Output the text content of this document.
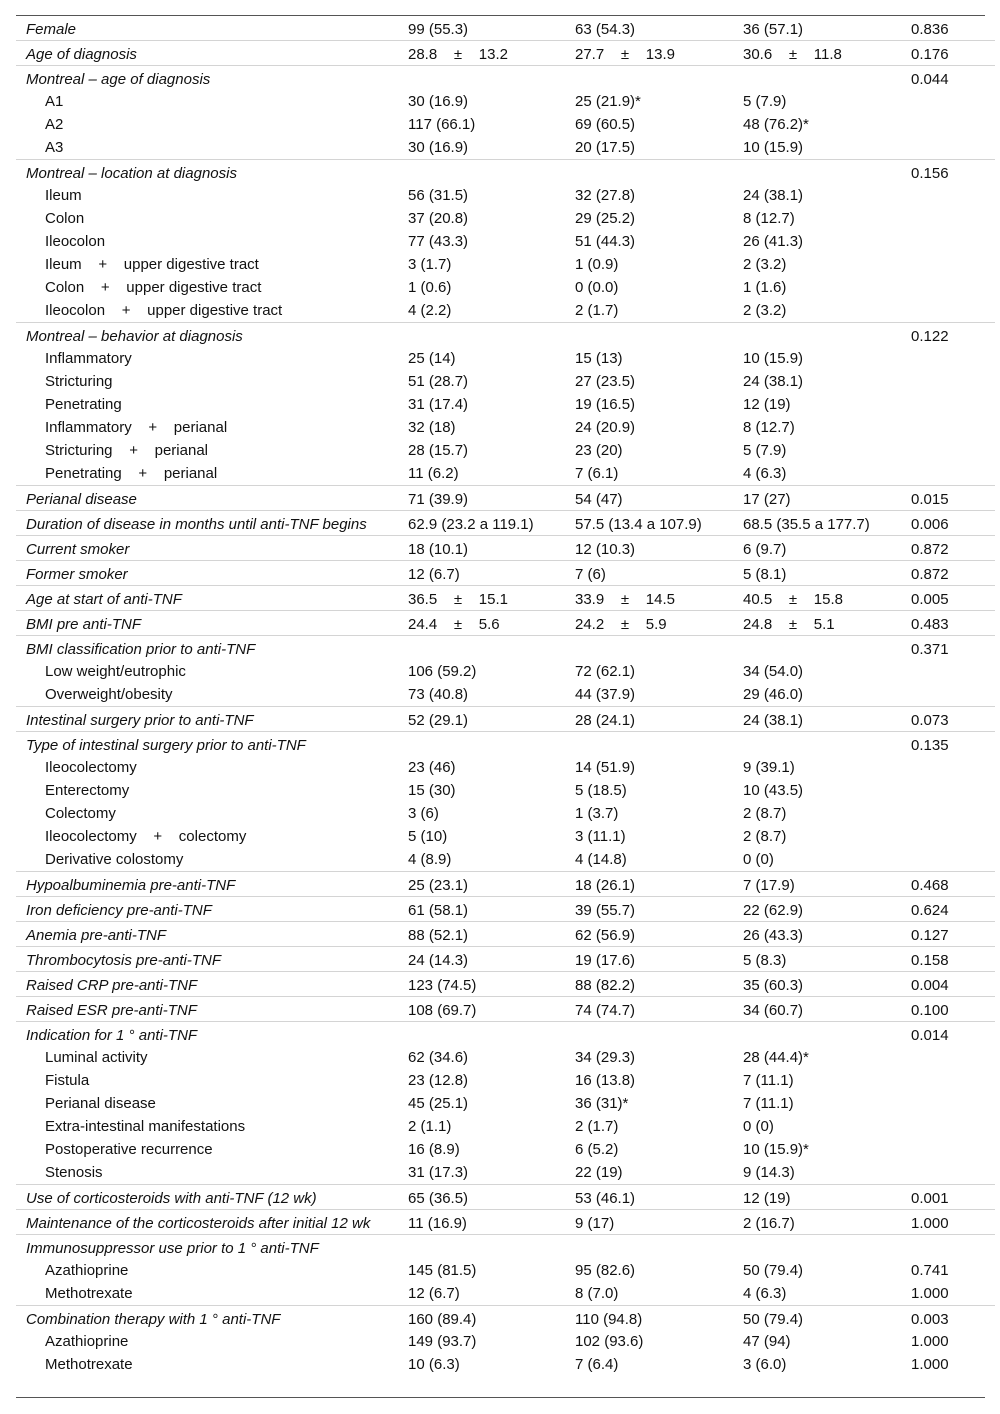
Female	99 (55.3)	63 (54.3)	36 (57.1)	0.836
Age of diagnosis	28.8    ±    13.2	27.7    ±    13.9	30.6    ±    11.8	0.176
Montreal – age of diagnosis				0.044
A1	30 (16.9)	25 (21.9)*	5 (7.9)	
A2	117 (66.1)	69 (60.5)	48 (76.2)*	
A3	30 (16.9)	20 (17.5)	10 (15.9)	
Montreal – location at diagnosis				0.156
Ileum	56 (31.5)	32 (27.8)	24 (38.1)	
Colon	37 (20.8)	29 (25.2)	8 (12.7)	
Ileocolon	77 (43.3)	51 (44.3)	26 (41.3)	
Ileum    +    upper digestive tract	3 (1.7)	1 (0.9)	2 (3.2)	
Colon    +    upper digestive tract	1 (0.6)	0 (0.0)	1 (1.6)	
Ileocolon    +    upper digestive tract	4 (2.2)	2 (1.7)	2 (3.2)	
Montreal – behavior at diagnosis				0.122
Inflammatory	25 (14)	15 (13)	10 (15.9)	
Stricturing	51 (28.7)	27 (23.5)	24 (38.1)	
Penetrating	31 (17.4)	19 (16.5)	12 (19)	
Inflammatory    +    perianal	32 (18)	24 (20.9)	8 (12.7)	
Stricturing    +    perianal	28 (15.7)	23 (20)	5 (7.9)	
Penetrating    +    perianal	11 (6.2)	7 (6.1)	4 (6.3)	
Perianal disease	71 (39.9)	54 (47)	17 (27)	0.015
Duration of disease in months until anti-TNF begins	62.9 (23.2 a 119.1)	57.5 (13.4 a 107.9)	68.5 (35.5 a 177.7)	0.006
Current smoker	18 (10.1)	12 (10.3)	6 (9.7)	0.872
Former smoker	12 (6.7)	7 (6)	5 (8.1)	0.872
Age at start of anti-TNF	36.5    ±    15.1	33.9    ±    14.5	40.5    ±    15.8	0.005
BMI pre anti-TNF	24.4    ±    5.6	24.2    ±    5.9	24.8    ±    5.1	0.483
BMI classification prior to anti-TNF				0.371
Low weight/eutrophic	106 (59.2)	72 (62.1)	34 (54.0)	
Overweight/obesity	73 (40.8)	44 (37.9)	29 (46.0)	
Intestinal surgery prior to anti-TNF	52 (29.1)	28 (24.1)	24 (38.1)	0.073
Type of intestinal surgery prior to anti-TNF				0.135
Ileocolectomy	23 (46)	14 (51.9)	9 (39.1)	
Enterectomy	15 (30)	5 (18.5)	10 (43.5)	
Colectomy	3 (6)	1 (3.7)	2 (8.7)	
Ileocolectomy    +    colectomy	5 (10)	3 (11.1)	2 (8.7)	
Derivative colostomy	4 (8.9)	4 (14.8)	0 (0)	
Hypoalbuminemia pre-anti-TNF	25 (23.1)	18 (26.1)	7 (17.9)	0.468
Iron deficiency pre-anti-TNF	61 (58.1)	39 (55.7)	22 (62.9)	0.624
Anemia pre-anti-TNF	88 (52.1)	62 (56.9)	26 (43.3)	0.127
Thrombocytosis pre-anti-TNF	24 (14.3)	19 (17.6)	5 (8.3)	0.158
Raised CRP pre-anti-TNF	123 (74.5)	88 (82.2)	35 (60.3)	0.004
Raised ESR pre-anti-TNF	108 (69.7)	74 (74.7)	34 (60.7)	0.100
Indication for 1 ° anti-TNF				0.014
Luminal activity	62 (34.6)	34 (29.3)	28 (44.4)*	
Fistula	23 (12.8)	16 (13.8)	7 (11.1)	
Perianal disease	45 (25.1)	36 (31)*	7 (11.1)	
Extra-intestinal manifestations	2 (1.1)	2 (1.7)	0 (0)	
Postoperative recurrence	16 (8.9)	6 (5.2)	10 (15.9)*	
Stenosis	31 (17.3)	22 (19)	9 (14.3)	
Use of corticosteroids with anti-TNF (12 wk)	65 (36.5)	53 (46.1)	12 (19)	0.001
Maintenance of the corticosteroids after initial 12 wk	11 (16.9)	9 (17)	2 (16.7)	1.000
Immunosuppressor use prior to 1 ° anti-TNF				
Azathioprine	145 (81.5)	95 (82.6)	50 (79.4)	0.741
Methotrexate	12 (6.7)	8 (7.0)	4 (6.3)	1.000
Combination therapy with 1 ° anti-TNF	160 (89.4)	110 (94.8)	50 (79.4)	0.003
Azathioprine	149 (93.7)	102 (93.6)	47 (94)	1.000
Methotrexate	10 (6.3)	7 (6.4)	3 (6.0)	1.000
